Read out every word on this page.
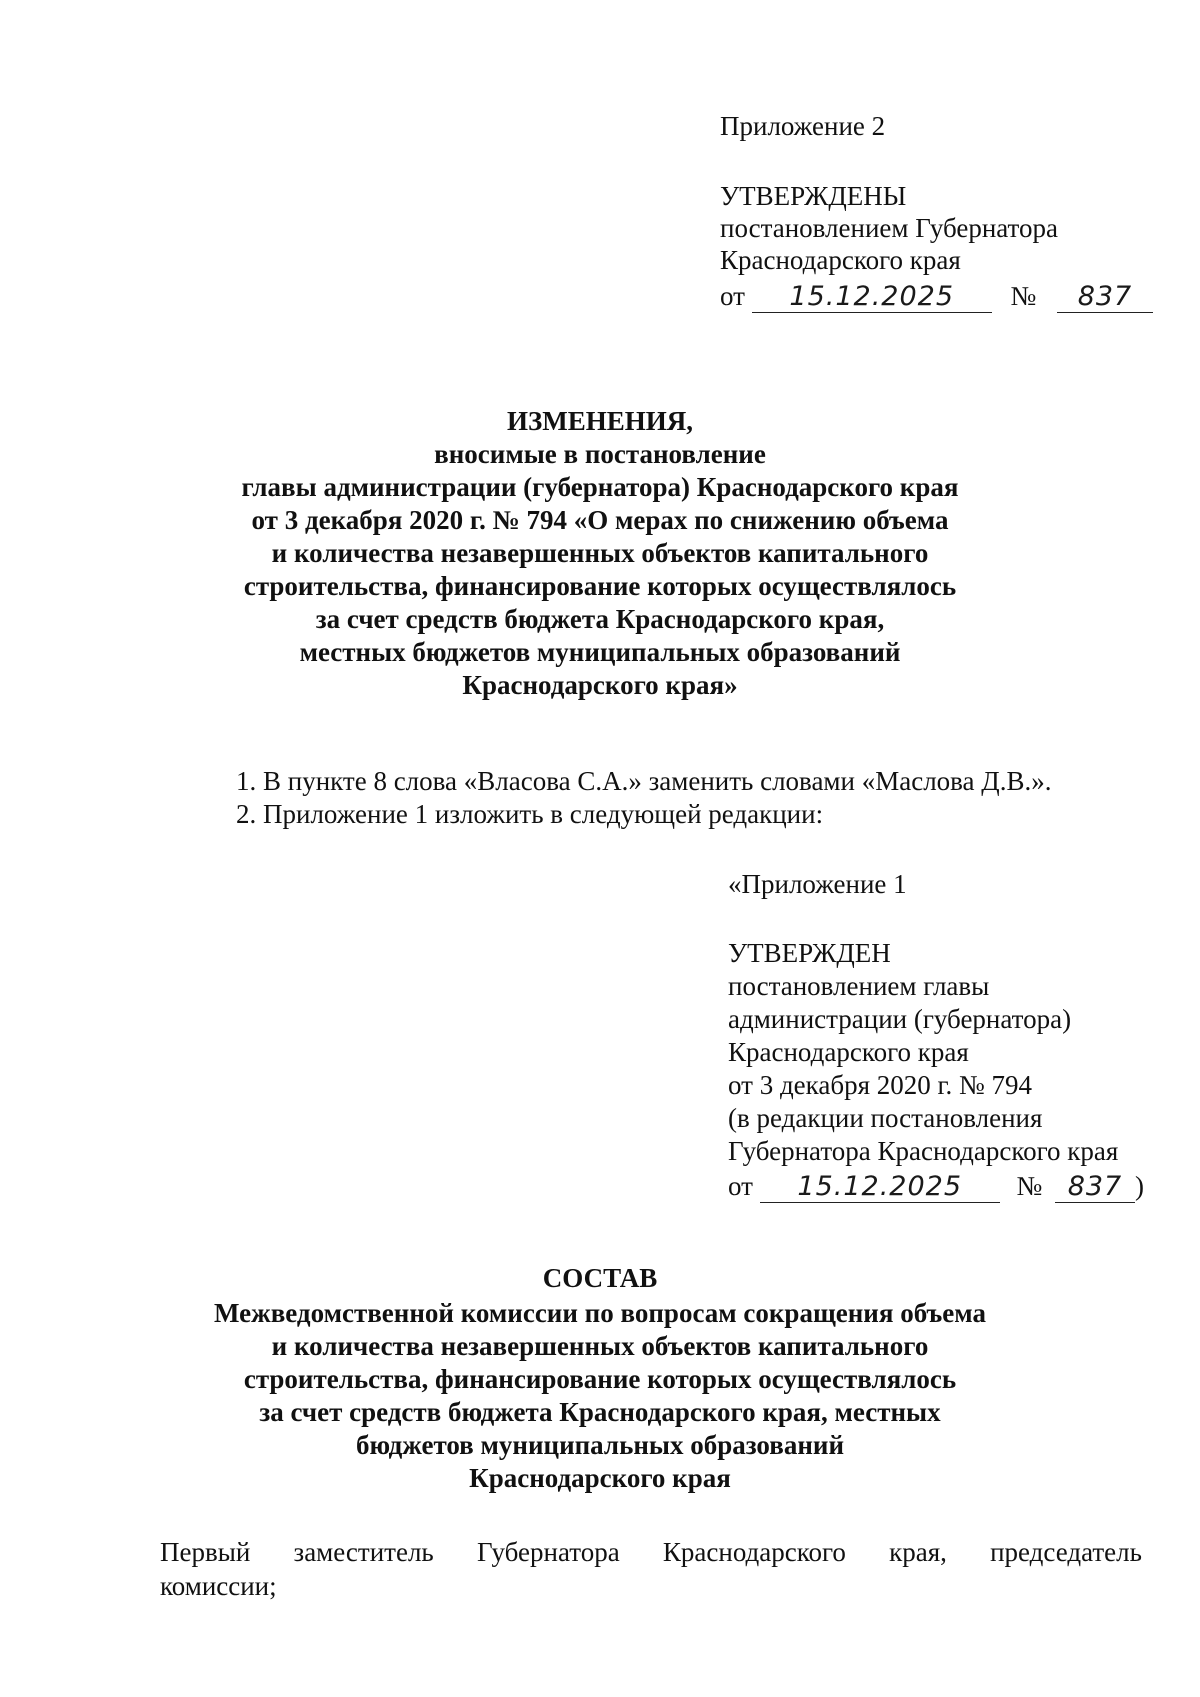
Приложение 2
УТВЕРЖДЕНЫ
постановлением Губернатора
Краснодарского края
от 15.12.2025 № 837
ИЗМЕНЕНИЯ,
вносимые в постановление
главы администрации (губернатора) Краснодарского края
от 3 декабря 2020 г. № 794 «О мерах по снижению объема
и количества незавершенных объектов капитального
строительства, финансирование которых осуществлялось
за счет средств бюджета Краснодарского края,
местных бюджетов муниципальных образований
Краснодарского края»
1. В пункте 8 слова «Власова С.А.» заменить словами «Маслова Д.В.».
2. Приложение 1 изложить в следующей редакции:
«Приложение 1
УТВЕРЖДЕН
постановлением главы
администрации (губернатора)
Краснодарского края
от 3 декабря 2020 г. № 794
(в редакции постановления
Губернатора Краснодарского края
от 15.12.2025 № 837 )
СОСТАВ
Межведомственной комиссии по вопросам сокращения объема
и количества незавершенных объектов капитального
строительства, финансирование которых осуществлялось
за счет средств бюджета Краснодарского края, местных
бюджетов муниципальных образований
Краснодарского края
Первый заместитель Губернатора Краснодарского края, председатель
комиссии;
